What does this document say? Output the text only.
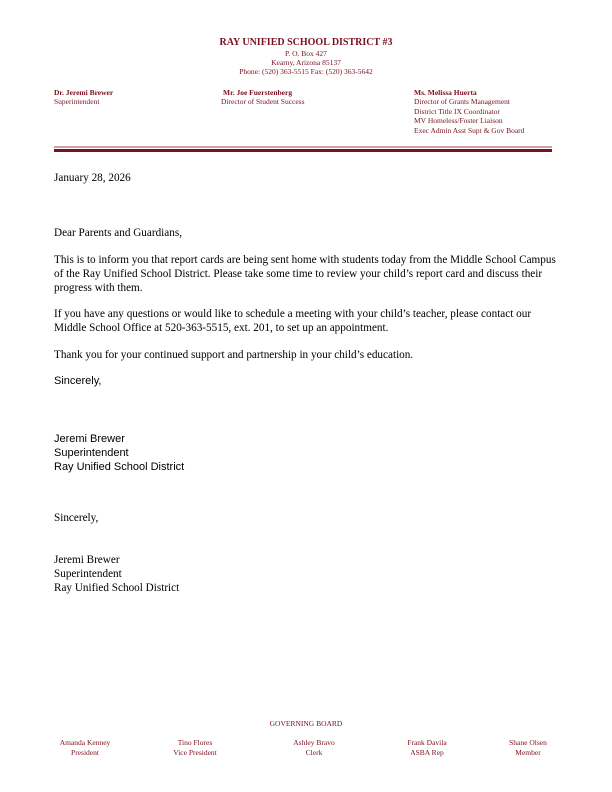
RAY UNIFIED SCHOOL DISTRICT #3
P. O. Box 427
Kearny, Arizona 85137
Phone: (520) 363-5515 Fax: (520) 363-5642
Dr. Jeremi Brewer
Superintendent
Mr. Joe Fuerstenberg
Director of Student Success
Ms. Melissa Huerta
Director of Grants Management
District Title IX Coordinator
MV Homeless/Foster Liaison
Exec Admin Asst Supt & Gov Board
January 28, 2026
Dear Parents and Guardians,

This is to inform you that report cards are being sent home with students today from the Middle School Campus of the Ray Unified School District. Please take some time to review your child’s report card and discuss their progress with them.

If you have any questions or would like to schedule a meeting with your child’s teacher, please contact our Middle School Office at 520-363-5515, ext. 201, to set up an appointment.

Thank you for your continued support and partnership in your child’s education.

Sincerely,
Jeremi Brewer
Superintendent
Ray Unified School District
Sincerely,
Jeremi Brewer
Superintendent
Ray Unified School District
GOVERNING BOARD
Amanda Kenney
President
Tino Flores
Vice President
Ashley Bravo
Clerk
Frank Davila
ASBA Rep
Shane Olsen
Member
